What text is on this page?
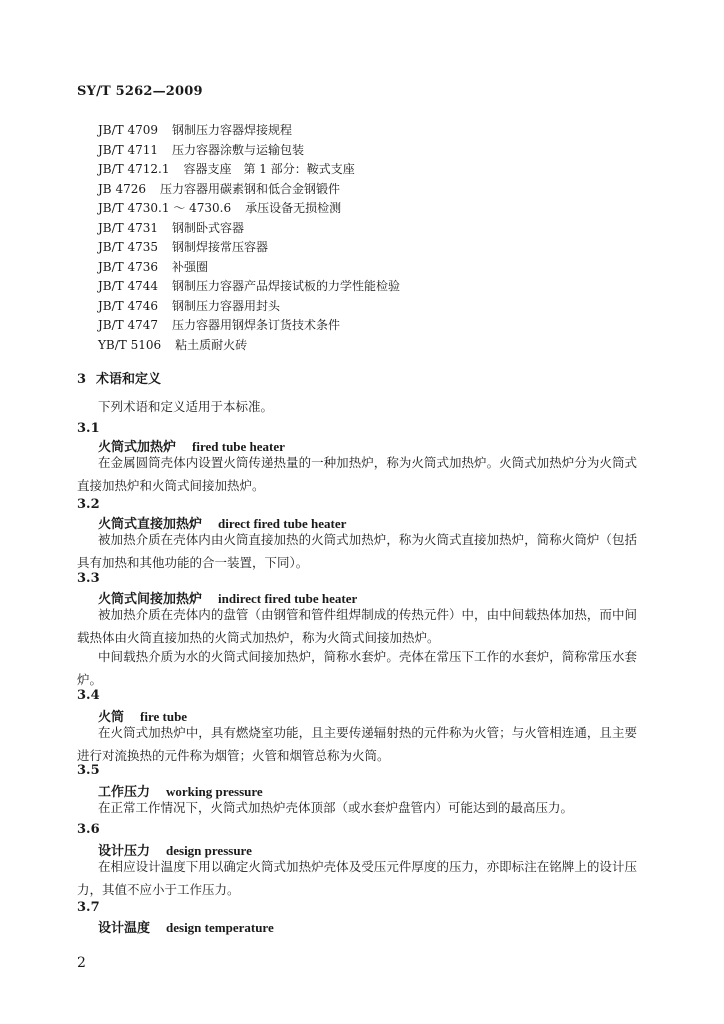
SY/T 5262—2009
JB/T 4709 钢制压力容器焊接规程
JB/T 4711 压力容器涂敷与运输包装
JB/T 4712.1 容器支座　第 1 部分：鞍式支座
JB 4726 压力容器用碳素钢和低合金钢锻件
JB/T 4730.1 ～ 4730.6 承压设备无损检测
JB/T 4731 钢制卧式容器
JB/T 4735 钢制焊接常压容器
JB/T 4736 补强圈
JB/T 4744 钢制压力容器产品焊接试板的力学性能检验
JB/T 4746 钢制压力容器用封头
JB/T 4747 压力容器用钢焊条订货技术条件
YB/T 5106 粘土质耐火砖
3 术语和定义
下列术语和定义适用于本标准。
3.1
火筒式加热炉 fired tube heater
在金属圆筒壳体内设置火筒传递热量的一种加热炉，称为火筒式加热炉。火筒式加热炉分为火筒式直接加热炉和火筒式间接加热炉。
3.2
火筒式直接加热炉 direct fired tube heater
被加热介质在壳体内由火筒直接加热的火筒式加热炉，称为火筒式直接加热炉，简称火筒炉（包括具有加热和其他功能的合一装置，下同）。
3.3
火筒式间接加热炉 indirect fired tube heater
被加热介质在壳体内的盘管（由钢管和管件组焊制成的传热元件）中，由中间载热体加热，而中间载热体由火筒直接加热的火筒式加热炉，称为火筒式间接加热炉。
中间载热介质为水的火筒式间接加热炉，简称水套炉。壳体在常压下工作的水套炉，简称常压水套炉。
3.4
火筒 fire tube
在火筒式加热炉中，具有燃烧室功能，且主要传递辐射热的元件称为火管；与火管相连通，且主要进行对流换热的元件称为烟管；火管和烟管总称为火筒。
3.5
工作压力 working pressure
在正常工作情况下，火筒式加热炉壳体顶部（或水套炉盘管内）可能达到的最高压力。
3.6
设计压力 design pressure
在相应设计温度下用以确定火筒式加热炉壳体及受压元件厚度的压力，亦即标注在铭牌上的设计压力，其值不应小于工作压力。
3.7
设计温度 design temperature
2
